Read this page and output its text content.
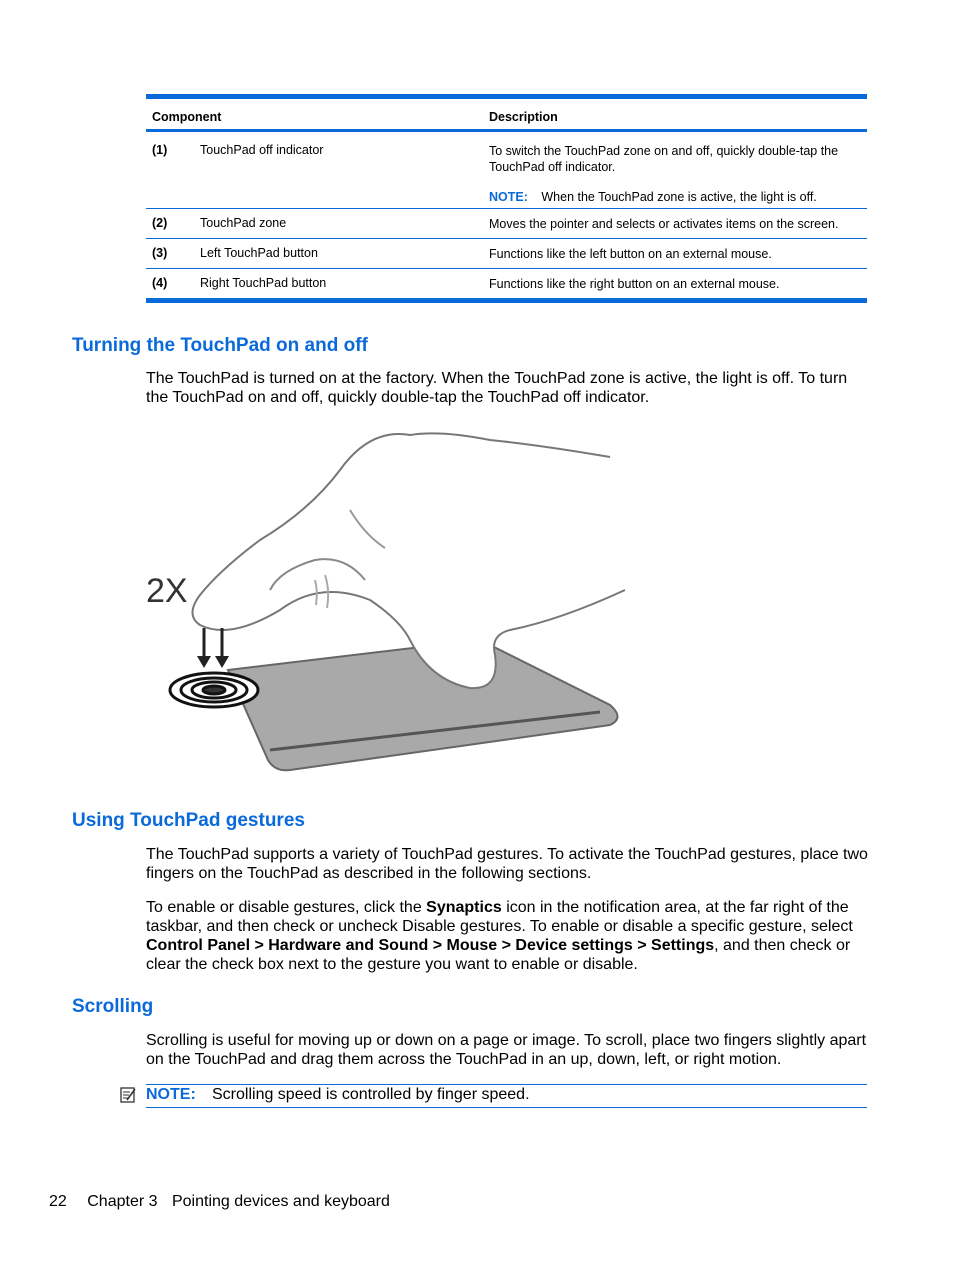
Component	Description
(1)	TouchPad off indicator	To switch the TouchPad zone on and off, quickly double-tap the TouchPad off indicator.
NOTE: When the TouchPad zone is active, the light is off.
(2)	TouchPad zone	Moves the pointer and selects or activates items on the screen.
(3)	Left TouchPad button	Functions like the left button on an external mouse.
(4)	Right TouchPad button	Functions like the right button on an external mouse.
Turning the TouchPad on and off

The TouchPad is turned on at the factory. When the TouchPad zone is active, the light is off. To turn the TouchPad on and off, quickly double-tap the TouchPad off indicator.

2X
Using TouchPad gestures

The TouchPad supports a variety of TouchPad gestures. To activate the TouchPad gestures, place two fingers on the TouchPad as described in the following sections.

To enable or disable gestures, click the Synaptics icon in the notification area, at the far right of the taskbar, and then check or uncheck Disable gestures. To enable or disable a specific gesture, select Control Panel > Hardware and Sound > Mouse > Device settings > Settings, and then check or clear the check box next to the gesture you want to enable or disable.

Scrolling

Scrolling is useful for moving up or down on a page or image. To scroll, place two fingers slightly apart on the TouchPad and drag them across the TouchPad in an up, down, left, or right motion.

NOTE: Scrolling speed is controlled by finger speed.
22 Chapter 3 Pointing devices and keyboard
